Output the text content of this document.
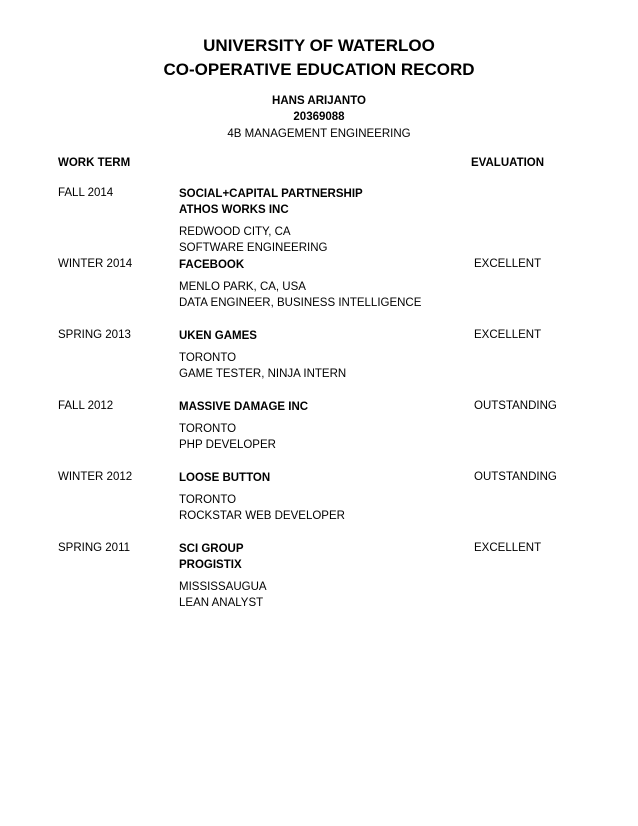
UNIVERSITY OF WATERLOO
CO-OPERATIVE EDUCATION RECORD
HANS ARIJANTO
20369088
4B MANAGEMENT ENGINEERING
WORK TERM	EVALUATION
FALL 2014	SOCIAL+CAPITAL PARTNERSHIP
ATHOS WORKS INC
REDWOOD CITY, CA
SOFTWARE ENGINEERING
WINTER 2014	FACEBOOK
MENLO PARK, CA, USA
DATA ENGINEER, BUSINESS INTELLIGENCE
EXCELLENT
SPRING 2013	UKEN GAMES
TORONTO
GAME TESTER, NINJA INTERN
EXCELLENT
FALL 2012	MASSIVE DAMAGE INC
TORONTO
PHP DEVELOPER
OUTSTANDING
WINTER 2012	LOOSE BUTTON
TORONTO
ROCKSTAR WEB DEVELOPER
OUTSTANDING
SPRING 2011	SCI GROUP
PROGISTIX
MISSISSAUGUA
LEAN ANALYST
EXCELLENT
